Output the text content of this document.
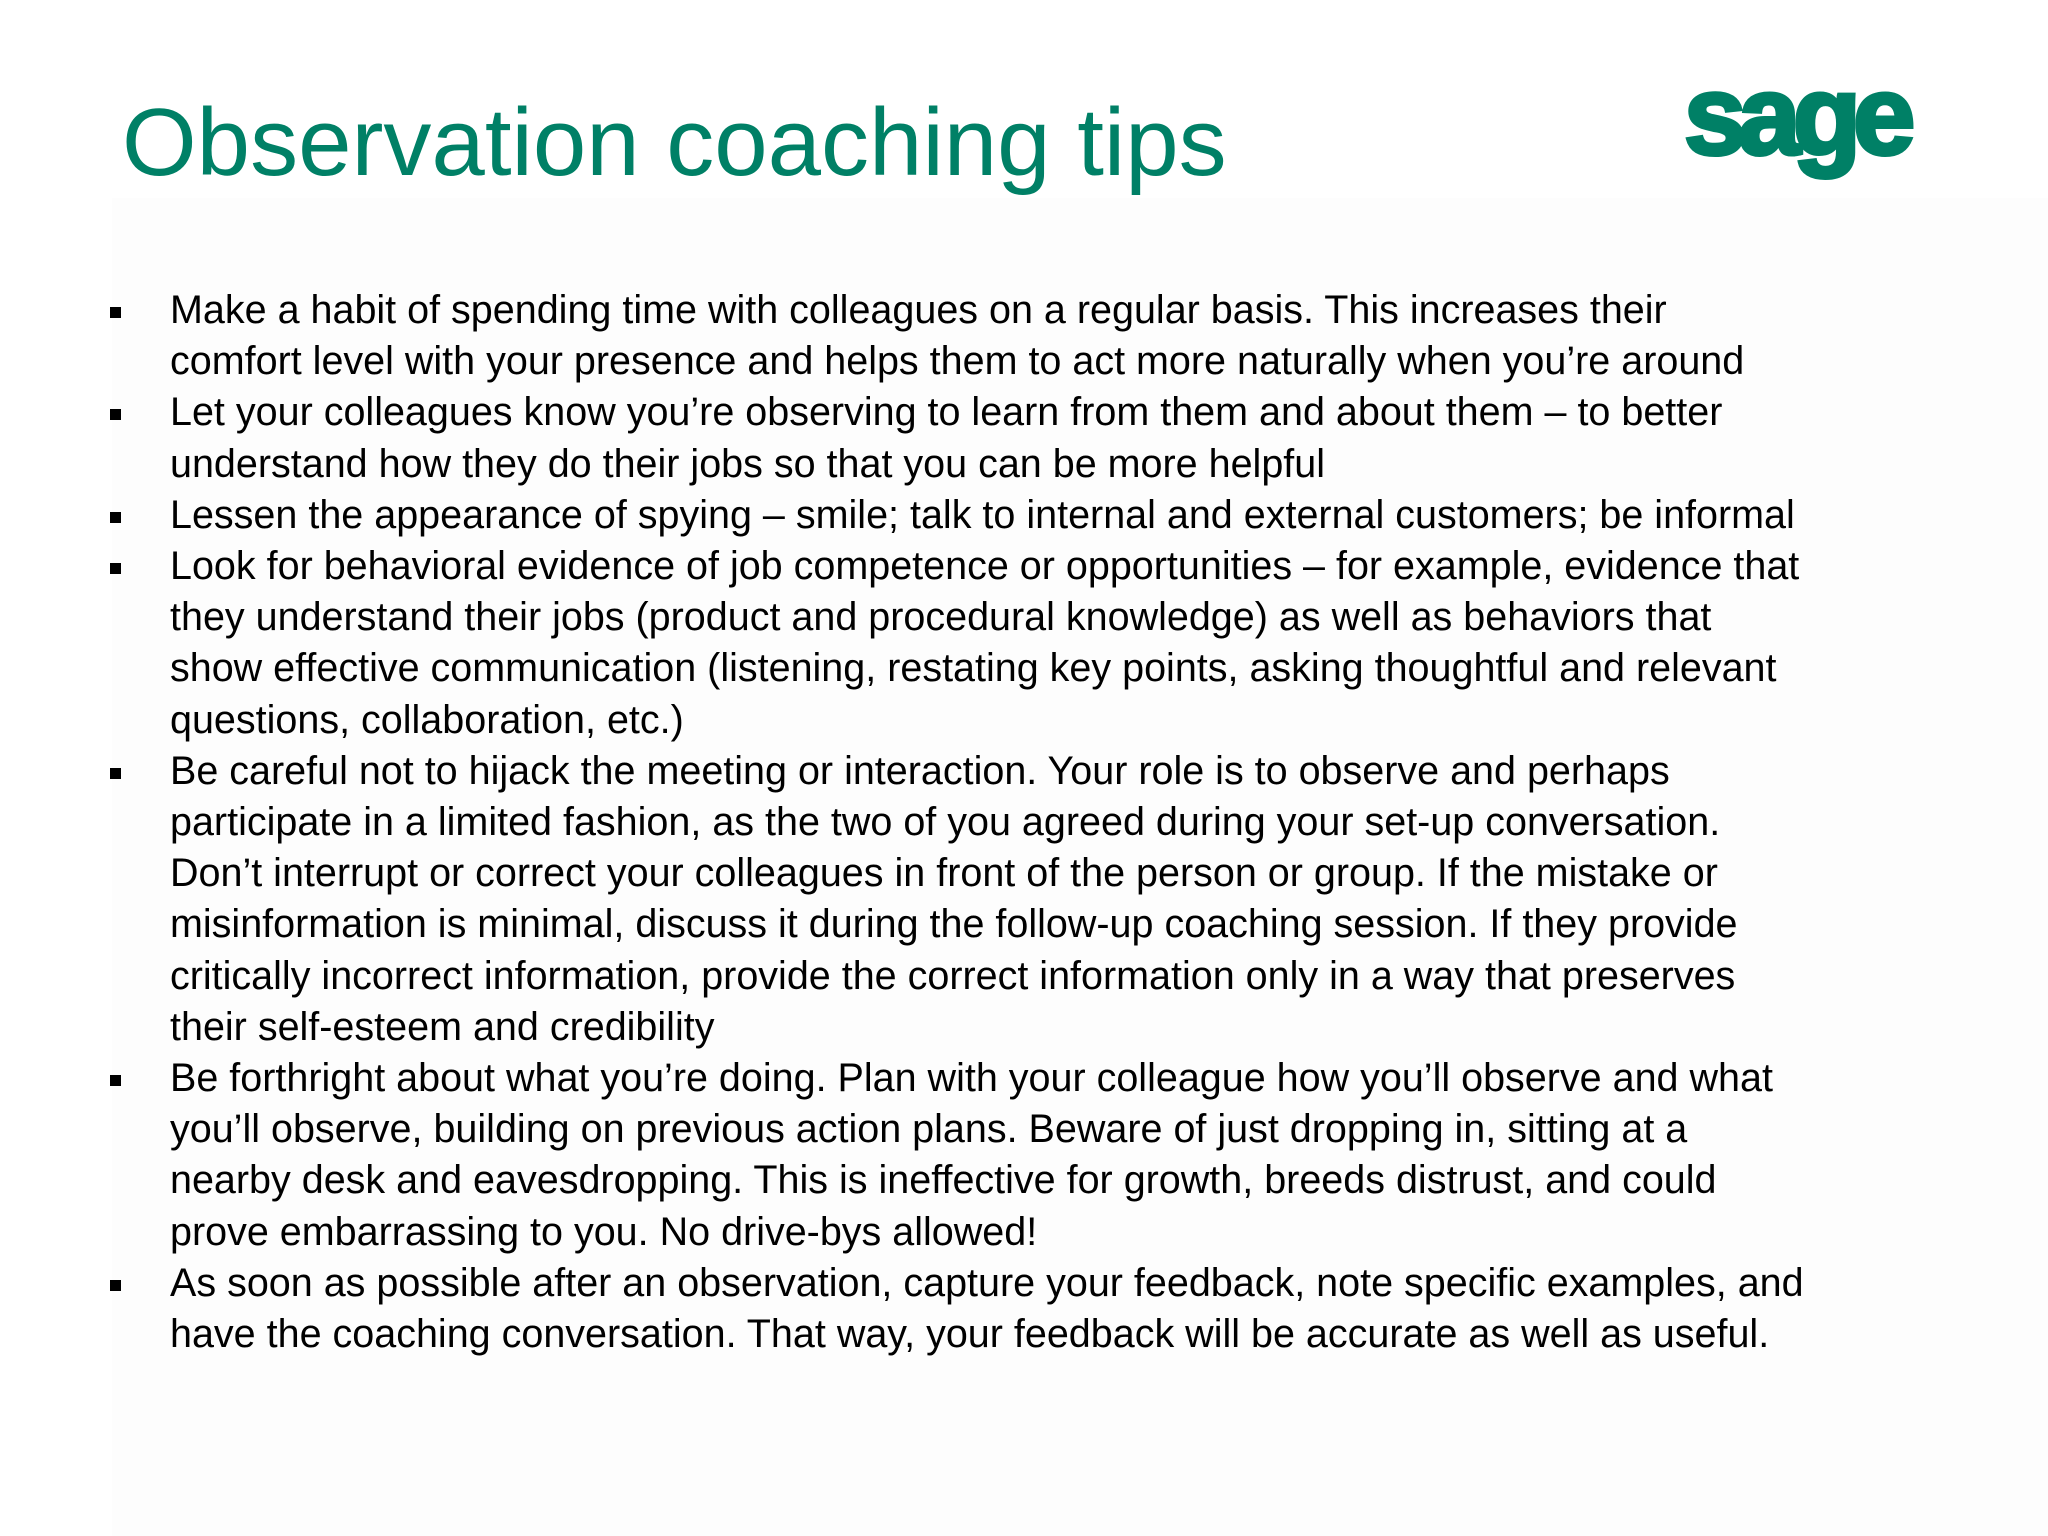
Observation coaching tips	sage
Make a habit of spending time with colleagues on a regular basis. This increases their
comfort level with your presence and helps them to act more naturally when you’re around
Let your colleagues know you’re observing to learn from them and about them – to better
understand how they do their jobs so that you can be more helpful
Lessen the appearance of spying – smile; talk to internal and external customers; be informal
Look for behavioral evidence of job competence or opportunities – for example, evidence that
they understand their jobs (product and procedural knowledge) as well as behaviors that
show effective communication (listening, restating key points, asking thoughtful and relevant
questions, collaboration, etc.)
Be careful not to hijack the meeting or interaction. Your role is to observe and perhaps
participate in a limited fashion, as the two of you agreed during your set-up conversation.
Don’t interrupt or correct your colleagues in front of the person or group. If the mistake or
misinformation is minimal, discuss it during the follow-up coaching session. If they provide
critically incorrect information, provide the correct information only in a way that preserves
their self-esteem and credibility
Be forthright about what you’re doing. Plan with your colleague how you’ll observe and what
you’ll observe, building on previous action plans. Beware of just dropping in, sitting at a
nearby desk and eavesdropping. This is ineffective for growth, breeds distrust, and could
prove embarrassing to you. No drive-bys allowed!
As soon as possible after an observation, capture your feedback, note specific examples, and
have the coaching conversation. That way, your feedback will be accurate as well as useful.
